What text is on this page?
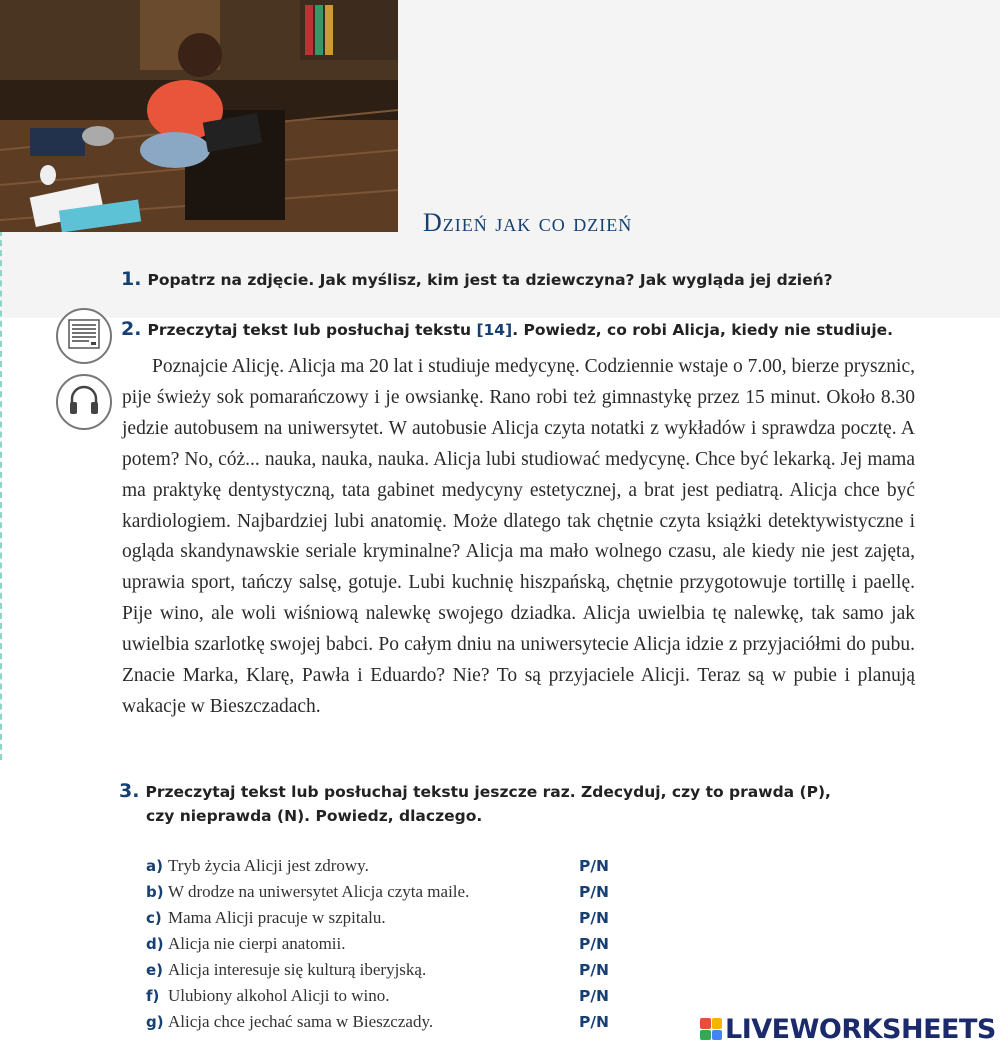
Dzień jak co dzień
1. Popatrz na zdjęcie. Jak myślisz, kim jest ta dziewczyna? Jak wygląda jej dzień?
2. Przeczytaj tekst lub posłuchaj tekstu [14]. Powiedz, co robi Alicja, kiedy nie studiuje.

Poznajcie Alicję. Alicja ma 20 lat i studiuje medycynę. Codziennie wstaje o 7.00, bierze prysznic, pije świeży sok pomarańczowy i je owsiankę. Rano robi też gimnastykę przez 15 minut. Około 8.30 jedzie autobusem na uniwersytet. W autobusie Alicja czyta notatki z wykładów i sprawdza pocztę. A potem? No, cóż... nauka, nauka, nauka. Alicja lubi studiować medycynę. Chce być lekarką. Jej mama ma praktykę dentystyczną, tata gabinet medycyny estetycznej, a brat jest pediatrą. Alicja chce być kardiologiem. Najbardziej lubi anatomię. Może dlatego tak chętnie czyta książki detektywistyczne i ogląda skandynawskie seriale kryminalne? Alicja ma mało wolnego czasu, ale kiedy nie jest zajęta, uprawia sport, tańczy salsę, gotuje. Lubi kuchnię hiszpańską, chętnie przygotowuje tortillę i paellę. Pije wino, ale woli wiśniową nalewkę swojego dziadka. Alicja uwielbia tę nalewkę, tak samo jak uwielbia szarlotkę swojej babci. Po całym dniu na uniwersytecie Alicja idzie z przyjaciółmi do pubu. Znacie Marka, Klarę, Pawła i Eduardo? Nie? To są przyjaciele Alicji. Teraz są w pubie i planują wakacje w Bieszczadach.

3. Przeczytaj tekst lub posłuchaj tekstu jeszcze raz. Zdecyduj, czy to prawda (P),
czy nieprawda (N). Powiedz, dlaczego.
a) Tryb życia Alicji jest zdrowy.	P/N
b) W drodze na uniwersytet Alicja czyta maile.	P/N
c) Mama Alicji pracuje w szpitalu.	P/N
d) Alicja nie cierpi anatomii.	P/N
e) Alicja interesuje się kulturą iberyjską.	P/N
f) Ulubiony alkohol Alicji to wino.	P/N
g) Alicja chce jechać sama w Bieszczady.	P/N	LIVEWORKSHEETS
